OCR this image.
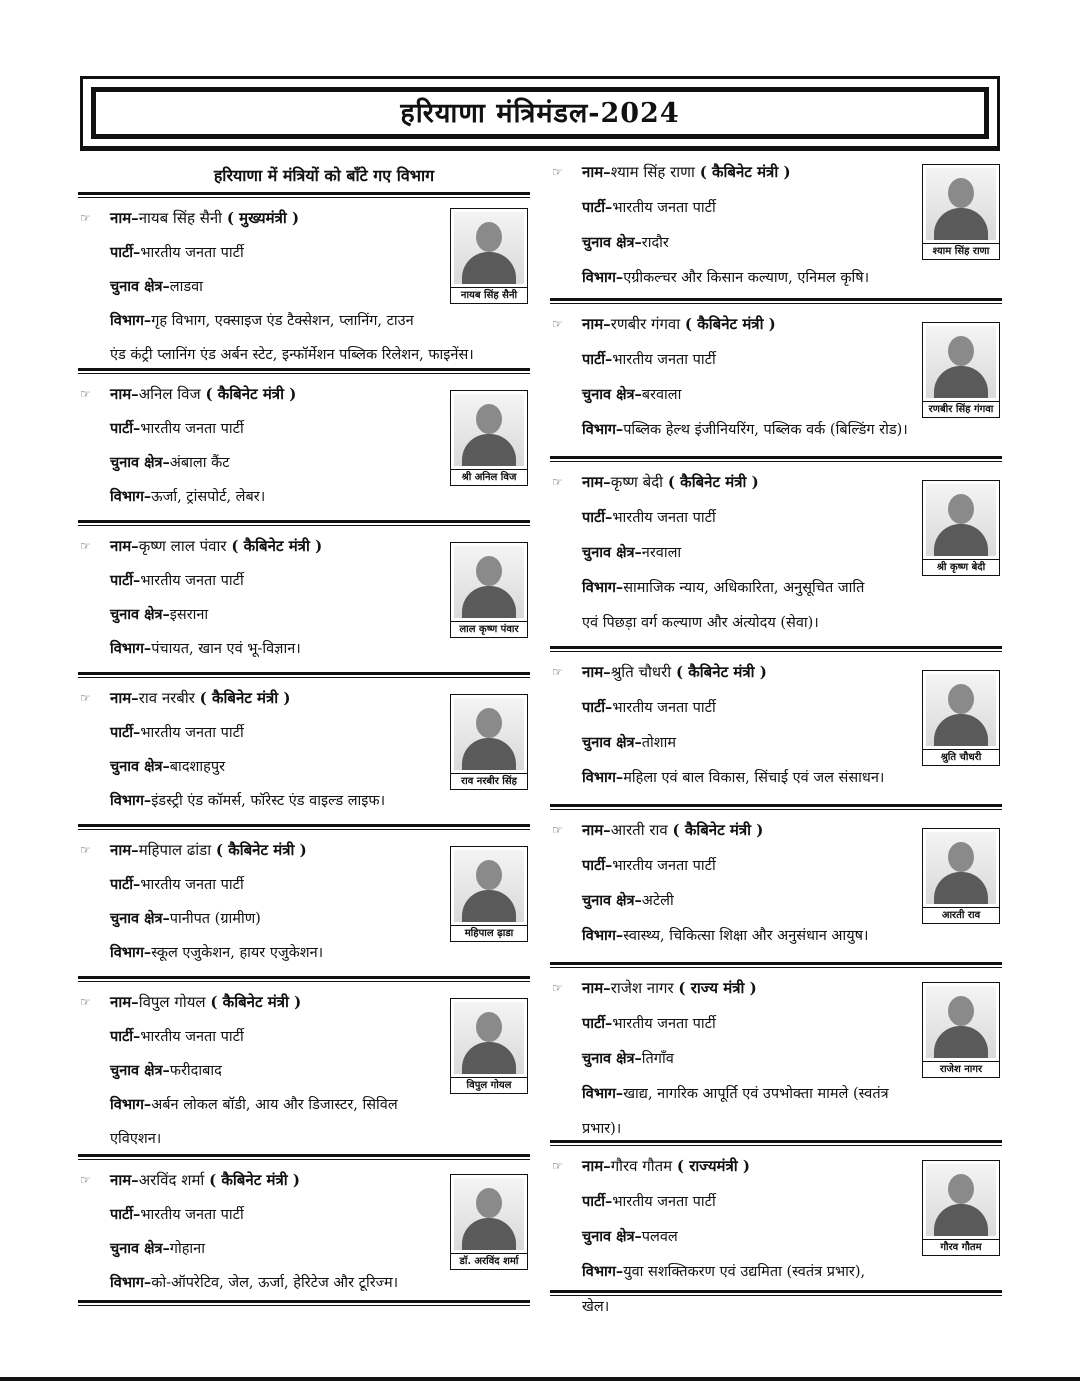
हरियाणा मंत्रिमंडल-2024
हरियाणा में मंत्रियों को बाँटे गए विभाग
☞ नाम–नायब सिंह सैनी ( मुख्यमंत्री )
पार्टी–भारतीय जनता पार्टी
चुनाव क्षेत्र–लाडवा
विभाग–गृह विभाग, एक्साइज एंड टैक्सेशन, प्लानिंग, टाउन
एंड कंट्री प्लानिंग एंड अर्बन स्टेट, इन्फॉर्मेशन पब्लिक रिलेशन, फाइनेंस।
नायब सिंह सैनी
☞ नाम–अनिल विज ( कैबिनेट मंत्री )
पार्टी–भारतीय जनता पार्टी
चुनाव क्षेत्र–अंबाला कैंट
विभाग–ऊर्जा, ट्रांसपोर्ट, लेबर।
श्री अनिल विज
☞ नाम–कृष्ण लाल पंवार ( कैबिनेट मंत्री )
पार्टी–भारतीय जनता पार्टी
चुनाव क्षेत्र–इसराना
विभाग–पंचायत, खान एवं भू-विज्ञान।
लाल कृष्ण पंवार
☞ नाम–राव नरबीर ( कैबिनेट मंत्री )
पार्टी–भारतीय जनता पार्टी
चुनाव क्षेत्र–बादशाहपुर
विभाग–इंडस्ट्री एंड कॉमर्स, फॉरेस्ट एंड वाइल्ड लाइफ।
राव नरबीर सिंह
☞ नाम–महिपाल ढांडा ( कैबिनेट मंत्री )
पार्टी–भारतीय जनता पार्टी
चुनाव क्षेत्र–पानीपत (ग्रामीण)
विभाग–स्कूल एजुकेशन, हायर एजुकेशन।
महिपाल ढ़ाडा
☞ नाम–विपुल गोयल ( कैबिनेट मंत्री )
पार्टी–भारतीय जनता पार्टी
चुनाव क्षेत्र–फरीदाबाद
विभाग–अर्बन लोकल बॉडी, आय और डिजास्टर, सिविल
एविएशन।
विपुल गोयल
☞ नाम–अरविंद शर्मा ( कैबिनेट मंत्री )
पार्टी–भारतीय जनता पार्टी
चुनाव क्षेत्र–गोहाना
विभाग–को-ऑपरेटिव, जेल, ऊर्जा, हेरिटेज और टूरिज्म।
डॉ. अरविंद शर्मा
☞ नाम–श्याम सिंह राणा ( कैबिनेट मंत्री )
पार्टी–भारतीय जनता पार्टी
चुनाव क्षेत्र–रादौर
विभाग–एग्रीकल्चर और किसान कल्याण, एनिमल कृषि।
श्याम सिंह राणा
☞ नाम–रणबीर गंगवा ( कैबिनेट मंत्री )
पार्टी–भारतीय जनता पार्टी
चुनाव क्षेत्र–बरवाला
विभाग–पब्लिक हेल्थ इंजीनियरिंग, पब्लिक वर्क (बिल्डिंग रोड)।
रणबीर सिंह गंगवा
☞ नाम–कृष्ण बेदी ( कैबिनेट मंत्री )
पार्टी–भारतीय जनता पार्टी
चुनाव क्षेत्र–नरवाला
विभाग–सामाजिक न्याय, अधिकारिता, अनुसूचित जाति
एवं पिछड़ा वर्ग कल्याण और अंत्योदय (सेवा)।
श्री कृष्ण बेदी
☞ नाम–श्रुति चौधरी ( कैबिनेट मंत्री )
पार्टी–भारतीय जनता पार्टी
चुनाव क्षेत्र–तोशाम
विभाग–महिला एवं बाल विकास, सिंचाई एवं जल संसाधन।
श्रुति चौधरी
☞ नाम–आरती राव ( कैबिनेट मंत्री )
पार्टी–भारतीय जनता पार्टी
चुनाव क्षेत्र–अटेली
विभाग–स्वास्थ्य, चिकित्सा शिक्षा और अनुसंधान आयुष।
आरती राव
☞ नाम–राजेश नागर ( राज्य मंत्री )
पार्टी–भारतीय जनता पार्टी
चुनाव क्षेत्र–तिगाँव
विभाग–खाद्य, नागरिक आपूर्ति एवं उपभोक्ता मामले (स्वतंत्र
प्रभार)।
राजेश नागर
☞ नाम–गौरव गौतम ( राज्यमंत्री )
पार्टी–भारतीय जनता पार्टी
चुनाव क्षेत्र–पलवल
विभाग–युवा सशक्तिकरण एवं उद्यमिता (स्वतंत्र प्रभार),
खेल।
गौरव गौतम
